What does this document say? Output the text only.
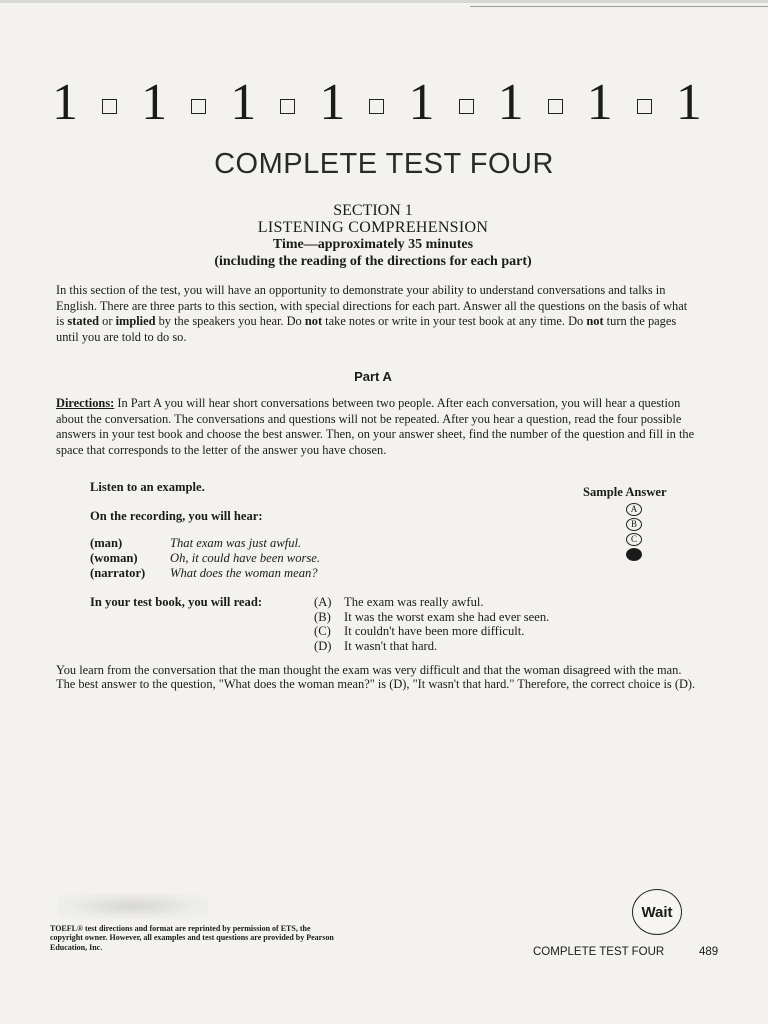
1 1 1 1 1 1 1 1
COMPLETE TEST FOUR
SECTION 1
LISTENING COMPREHENSION
Time—approximately 35 minutes
(including the reading of the directions for each part)
In this section of the test, you will have an opportunity to demonstrate your ability to understand conversations and talks in English. There are three parts to this section, with special directions for each part. Answer all the questions on the basis of what is stated or implied by the speakers you hear. Do not take notes or write in your test book at any time. Do not turn the pages until you are told to do so.
Part A
Directions: In Part A you will hear short conversations between two people. After each conversation, you will hear a question about the conversation. The conversations and questions will not be repeated. After you hear a question, read the four possible answers in your test book and choose the best answer. Then, on your answer sheet, find the number of the question and fill in the space that corresponds to the letter of the answer you have chosen.
Listen to an example.	Sample Answer
On the recording, you will hear:	A
B
C
D
(man)	That exam was just awful.
(woman)	Oh, it could have been worse.
(narrator)	What does the woman mean?
In your test book, you will read:	(A) The exam was really awful.
(B)	It was the worst exam she had ever seen.
(C)	It couldn't have been more difficult.
(D) It wasn't that hard.
You learn from the conversation that the man thought the exam was very difficult and that the woman disagreed with the man. The best answer to the question, "What does the woman mean?" is (D), "It wasn't that hard." Therefore, the correct choice is (D).
TOEFL® test directions and format are reprinted by permission of ETS, the copyright owner. However, all examples and test questions are provided by Pearson Education, Inc.
Wait
COMPLETE TEST FOUR	489
